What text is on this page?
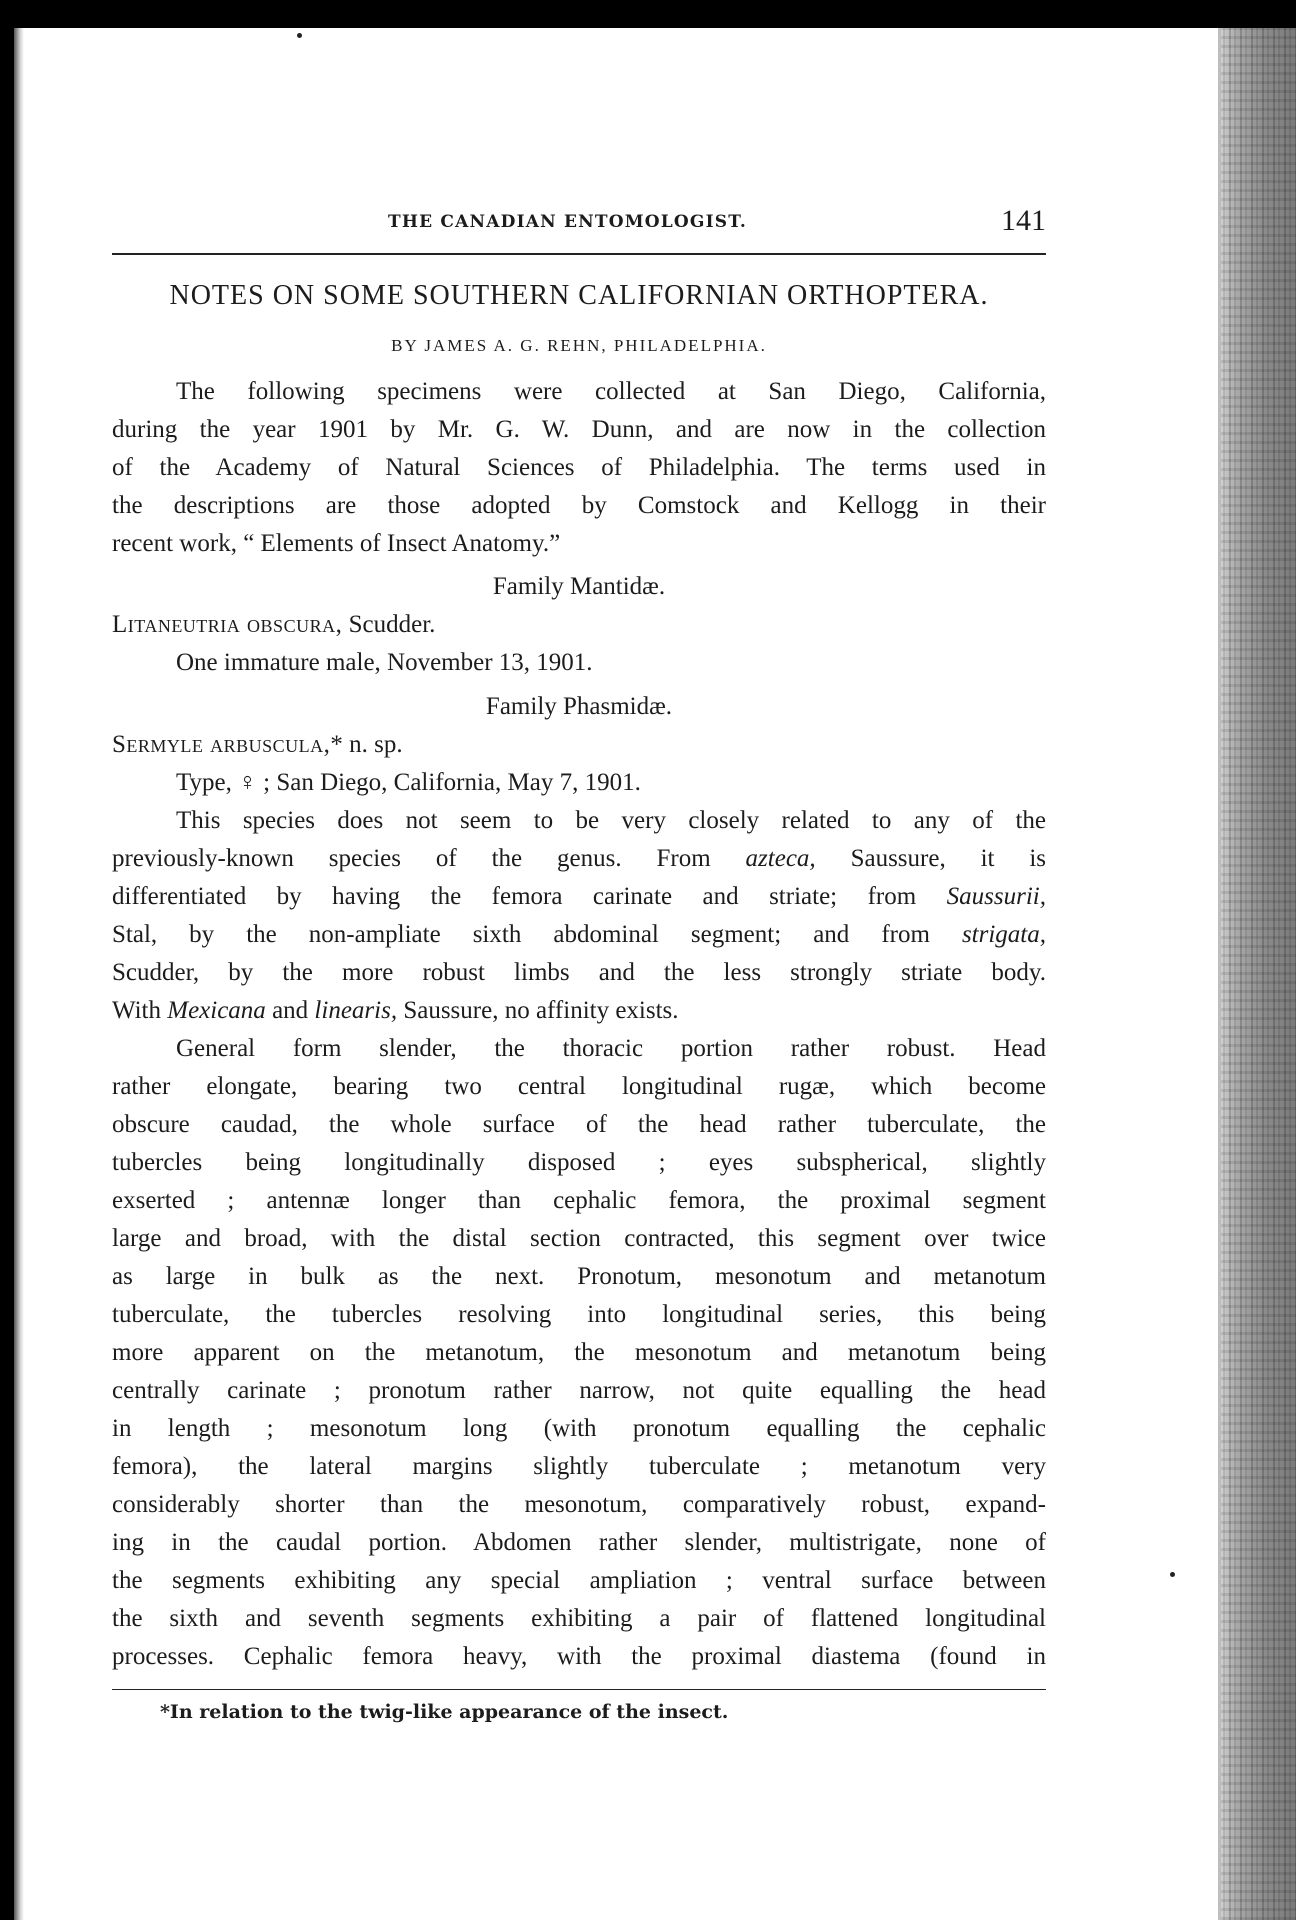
THE CANADIAN ENTOMOLOGIST.	141
NOTES ON SOME SOUTHERN CALIFORNIAN ORTHOPTERA.
BY JAMES A. G. REHN, PHILADELPHIA.
The following specimens were collected at San Diego, California,
during the year 1901 by Mr. G. W. Dunn, and are now in the collection
of the Academy of Natural Sciences of Philadelphia. The terms used in
the descriptions are those adopted by Comstock and Kellogg in their
recent work, “ Elements of Insect Anatomy.”
Family Mantidæ.
Litaneutria obscura, Scudder.
One immature male, November 13, 1901.
Family Phasmidæ.
Sermyle arbuscula,* n. sp.
Type, ♀ ; San Diego, California, May 7, 1901.
This species does not seem to be very closely related to any of the
previously-known species of the genus. From azteca, Saussure, it is
differentiated by having the femora carinate and striate; from Saussurii,
Stal, by the non-ampliate sixth abdominal segment; and from strigata,
Scudder, by the more robust limbs and the less strongly striate body.
With Mexicana and linearis, Saussure, no affinity exists.
General form slender, the thoracic portion rather robust. Head
rather elongate, bearing two central longitudinal rugæ, which become
obscure caudad, the whole surface of the head rather tuberculate, the
tubercles being longitudinally disposed ; eyes subspherical, slightly
exserted ; antennæ longer than cephalic femora, the proximal segment
large and broad, with the distal section contracted, this segment over twice
as large in bulk as the next. Pronotum, mesonotum and metanotum
tuberculate, the tubercles resolving into longitudinal series, this being
more apparent on the metanotum, the mesonotum and metanotum being
centrally carinate ; pronotum rather narrow, not quite equalling the head
in length ; mesonotum long (with pronotum equalling the cephalic
femora), the lateral margins slightly tuberculate ; metanotum very
considerably shorter than the mesonotum, comparatively robust, expand-
ing in the caudal portion. Abdomen rather slender, multistrigate, none of
the segments exhibiting any special ampliation ; ventral surface between
the sixth and seventh segments exhibiting a pair of flattened longitudinal
processes. Cephalic femora heavy, with the proximal diastema (found in
*In relation to the twig-like appearance of the insect.
